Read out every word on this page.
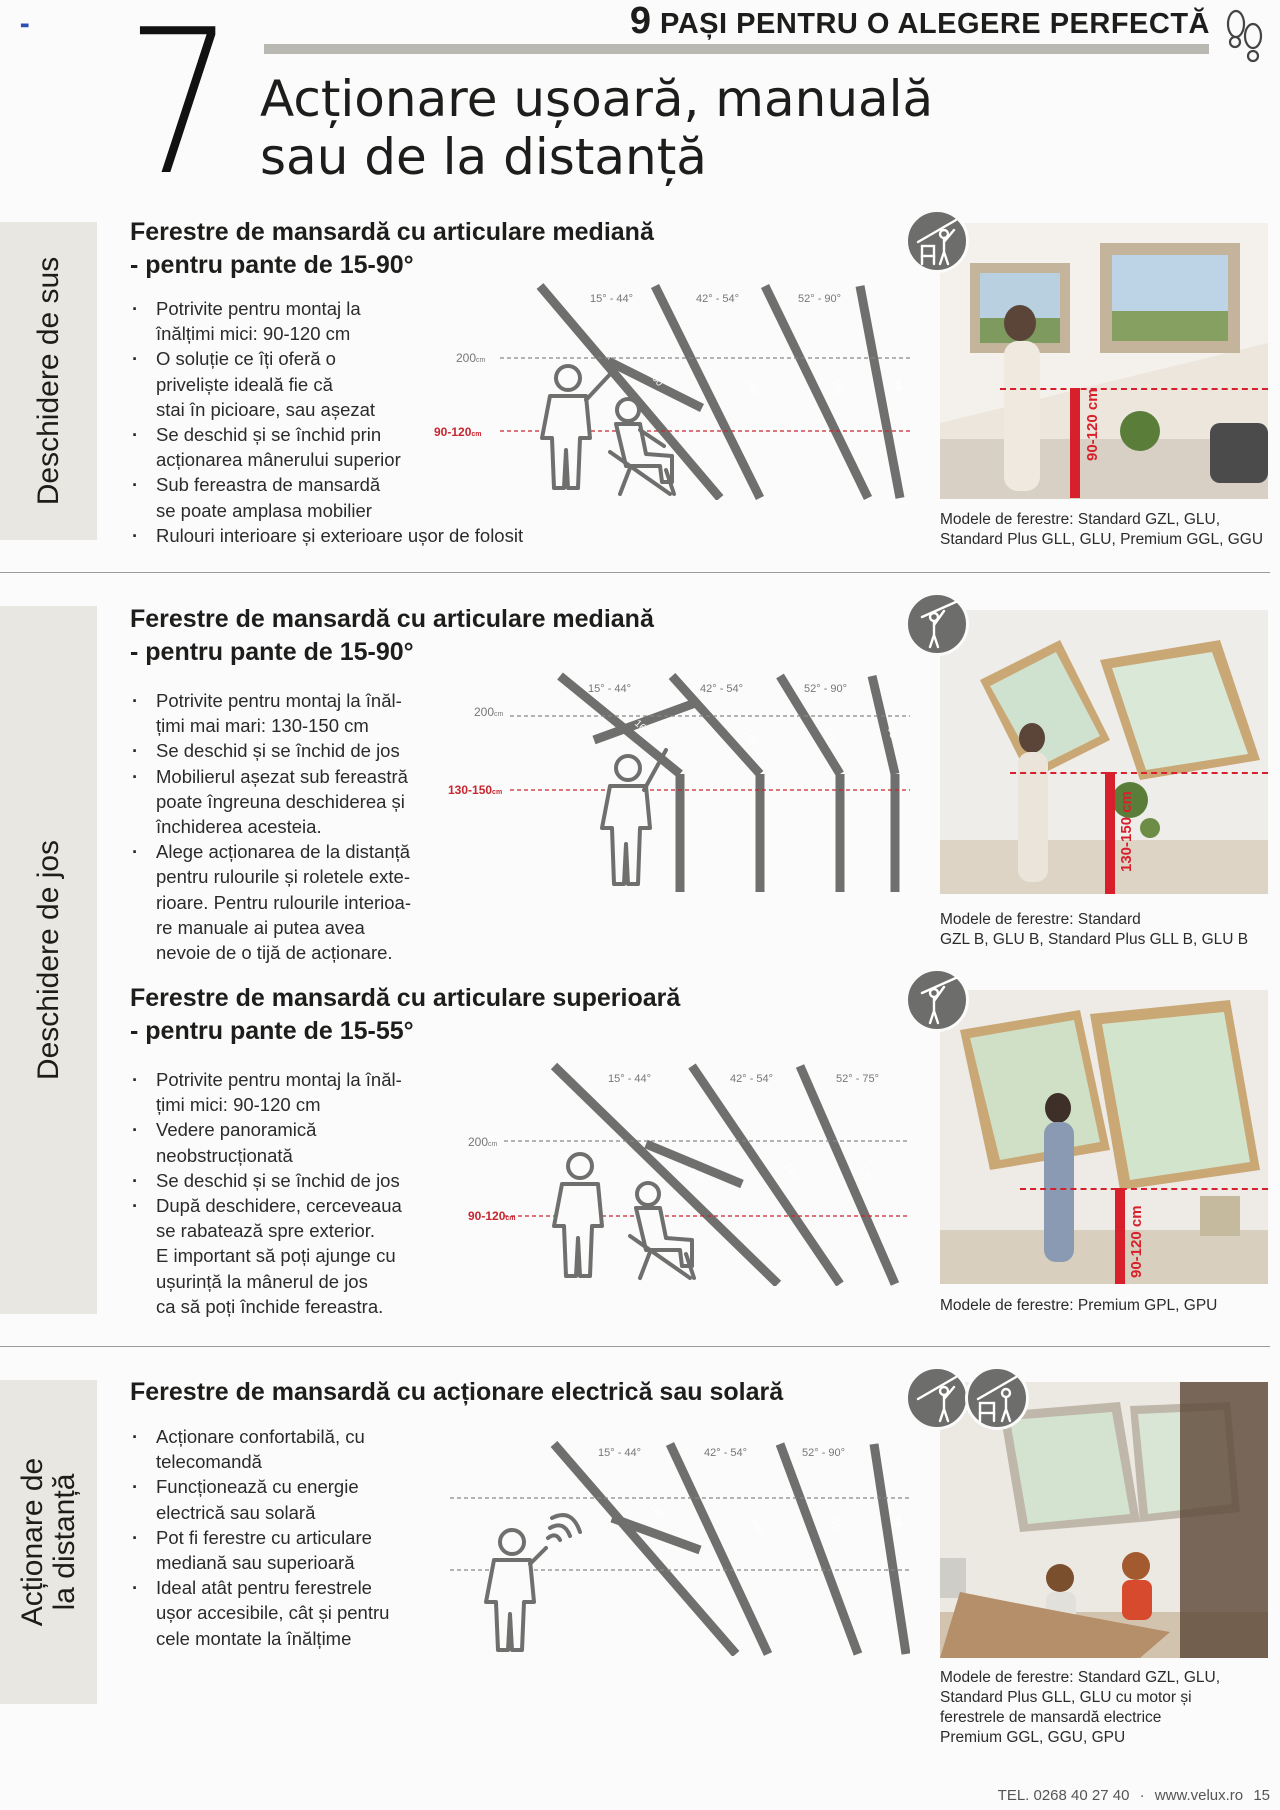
▬	9 PAȘI PENTRU O ALEGERE PERFECTĂ
7 Acționare ușoară, manuală
sau de la distanță
Deschidere de sus
Deschidere de jos
Acționare de la distanță
Ferestre de mansardă cu articulare mediană
- pentru pante de 15-90°
· Potrivite pentru montaj la
înălțimi mici: 90-120 cm
· O soluție ce îți oferă o
priveliște ideală fie că
stai în picioare, sau așezat
· Se deschid și se închid prin
acționarea mânerului superior
· Sub fereastra de mansardă
se poate amplasa mobilier
· Rulouri interioare și exterioare ușor de folosit
200cm
90-120cm
15° - 44°	42° - 54°	52° - 90°
160	140	118	98
90-120 cm
Modele de ferestre: Standard GZL, GLU,
Standard Plus GLL, GLU, Premium GGL, GGU
Ferestre de mansardă cu articulare mediană
- pentru pante de 15-90°
· Potrivite pentru montaj la înăl-
țimi mai mari: 130-150 cm
· Se deschid și se închid de jos
· Mobilierul așezat sub fereastră
poate îngreuna deschiderea și
închiderea acesteia.
· Alege acționarea de la distanță
pentru rulourile și roletele exte-
rioare. Pentru rulourile interioa-
re manuale ai putea avea
nevoie de o tijă de acționare.
200cm
130-150cm
15° - 44°	42° - 54°	52° - 90°
160	140	118	98
130-150 cm
Modele de ferestre: Standard
GZL B, GLU B, Standard Plus GLL B, GLU B
Ferestre de mansardă cu articulare superioară
- pentru pante de 15-55°
· Potrivite pentru montaj la înăl-
țimi mici: 90-120 cm
· Vedere panoramică
neobstrucționată
· Se deschid și se închid de jos
· După deschidere, cerceveaua
se rabatează spre exterior.
E important să poți ajunge cu
ușurință la mânerul de jos
ca să poți închide fereastra.
200cm
90-120cm
15° - 44°	42° - 54°	52° - 75°
160	140	118
90-120 cm
Modele de ferestre: Premium GPL, GPU
Ferestre de mansardă cu acționare electrică sau solară
· Acționare confortabilă, cu
telecomandă
· Funcționează cu energie
electrică sau solară
· Pot fi ferestre cu articulare
mediană sau superioară
· Ideal atât pentru ferestrele
ușor accesibile, cât și pentru
cele montate la înălțime
15° - 44°	42° - 54°	52° - 90°
160
140	118	98
Modele de ferestre: Standard GZL, GLU,
Standard Plus GLL, GLU cu motor și
ferestrele de mansardă electrice
Premium GGL, GGU, GPU
TEL. 0268 40 27 40 · www.velux.ro 15
